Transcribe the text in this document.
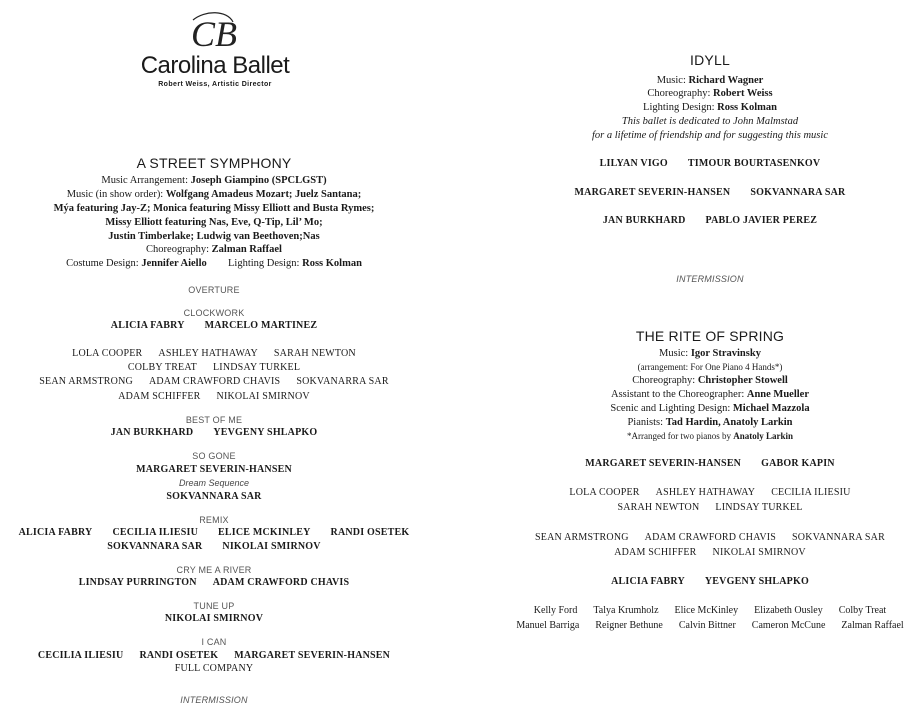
CB
Carolina Ballet
Robert Weiss, Artistic Director
A STREET SYMPHONY
Music Arrangement: Joseph Giampino (SPCLGST)
Music (in show order): Wolfgang Amadeus Mozart; Juelz Santana;
Mýa featuring Jay-Z; Monica featuring Missy Elliott and Busta Rymes;
Missy Elliott featuring Nas, Eve, Q-Tip, Lil’ Mo;
Justin Timberlake; Ludwig van Beethoven;Nas
Choreography: Zalman Raffael
Costume Design: Jennifer Aiello Lighting Design: Ross Kolman
OVERTURE
CLOCKWORK
ALICIA FABRY MARCELO MARTINEZ
LOLA COOPER ASHLEY HATHAWAY SARAH NEWTON
COLBY TREAT LINDSAY TURKEL
SEAN ARMSTRONG ADAM CRAWFORD CHAVIS SOKVANARRA SAR
ADAM SCHIFFER NIKOLAI SMIRNOV
BEST OF ME
JAN BURKHARD YEVGENY SHLAPKO
SO GONE
MARGARET SEVERIN-HANSEN
Dream Sequence
SOKVANNARA SAR
REMIX
ALICIA FABRY CECILIA ILIESIU ELICE MCKINLEY RANDI OSETEK
SOKVANNARA SAR NIKOLAI SMIRNOV
CRY ME A RIVER
LINDSAY PURRINGTON ADAM CRAWFORD CHAVIS
TUNE UP
NIKOLAI SMIRNOV
I CAN
CECILIA ILIESIU RANDI OSETEK MARGARET SEVERIN-HANSEN
FULL COMPANY
INTERMISSION
IDYLL
Music: Richard Wagner
Choreography: Robert Weiss
Lighting Design: Ross Kolman
This ballet is dedicated to John Malmstad
for a lifetime of friendship and for suggesting this music
LILYAN VIGO TIMOUR BOURTASENKOV
MARGARET SEVERIN-HANSEN SOKVANNARA SAR
JAN BURKHARD PABLO JAVIER PEREZ
INTERMISSION
THE RITE OF SPRING
Music: Igor Stravinsky
(arrangement: For One Piano 4 Hands*)
Choreography: Christopher Stowell
Assistant to the Choreographer: Anne Mueller
Scenic and Lighting Design: Michael Mazzola
Pianists: Tad Hardin, Anatoly Larkin
*Arranged for two pianos by Anatoly Larkin
MARGARET SEVERIN-HANSEN GABOR KAPIN
LOLA COOPER ASHLEY HATHAWAY CECILIA ILIESIU
SARAH NEWTON LINDSAY TURKEL
SEAN ARMSTRONG ADAM CRAWFORD CHAVIS SOKVANNARA SAR
ADAM SCHIFFER NIKOLAI SMIRNOV
ALICIA FABRY YEVGENY SHLAPKO
Kelly Ford Talya Krumholz Elice McKinley Elizabeth Ousley Colby Treat
Manuel Barriga Reigner Bethune Calvin Bittner Cameron McCune Zalman Raffael
